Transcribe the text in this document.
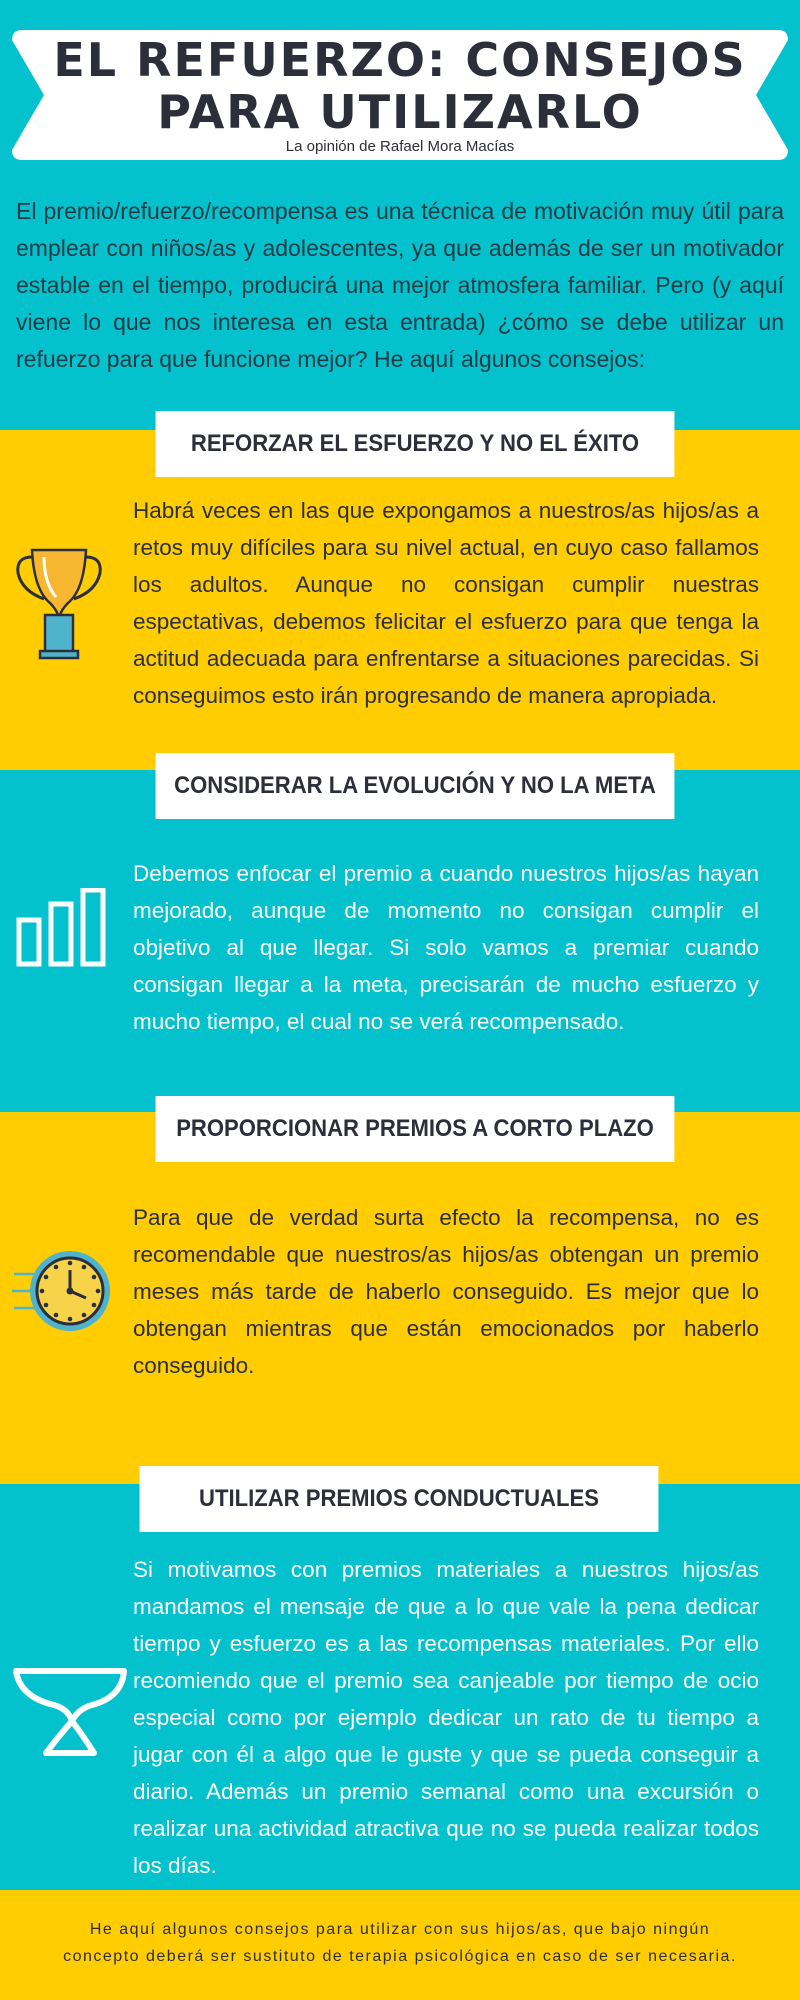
EL REFUERZO: CONSEJOS PARA UTILIZARLO
La opinión de Rafael Mora Macías
El premio/refuerzo/recompensa es una técnica de motivación muy útil para emplear con niños/as y adolescentes, ya que además de ser un motivador estable en el tiempo, producirá una mejor atmosfera familiar. Pero (y aquí viene lo que nos interesa en esta entrada) ¿cómo se debe utilizar un refuerzo para que funcione mejor? He aquí algunos consejos:
REFORZAR EL ESFUERZO Y NO EL ÉXITO
Habrá veces en las que expongamos a nuestros/as hijos/as a retos muy difíciles para su nivel actual, en cuyo caso fallamos los adultos. Aunque no consigan cumplir nuestras espectativas, debemos felicitar el esfuerzo para que tenga la actitud adecuada para enfrentarse a situaciones parecidas. Si conseguimos esto irán progresando de manera apropiada.
CONSIDERAR LA EVOLUCIÓN Y NO LA META
Debemos enfocar el premio a cuando nuestros hijos/as hayan mejorado, aunque de momento no consigan cumplir el objetivo al que llegar. Si solo vamos a premiar cuando consigan llegar a la meta, precisarán de mucho esfuerzo y mucho tiempo, el cual no se verá recompensado.
PROPORCIONAR PREMIOS A CORTO PLAZO
Para que de verdad surta efecto la recompensa, no es recomendable que nuestros/as hijos/as obtengan un premio meses más tarde de haberlo conseguido. Es mejor que lo obtengan mientras que están emocionados por haberlo conseguido.
UTILIZAR PREMIOS CONDUCTUALES
Si motivamos con premios materiales a nuestros hijos/as mandamos el mensaje de que a lo que vale la pena dedicar tiempo y esfuerzo es a las recompensas materiales. Por ello recomiendo que el premio sea canjeable por tiempo de ocio especial como por ejemplo dedicar un rato de tu tiempo a jugar con él a algo que le guste y que se pueda conseguir a diario. Además un premio semanal como una excursión o realizar una actividad atractiva que no se pueda realizar todos los días.
He aquí algunos consejos para utilizar con sus hijos/as, que bajo ningún concepto deberá ser sustituto de terapia psicológica en caso de ser necesaria.
